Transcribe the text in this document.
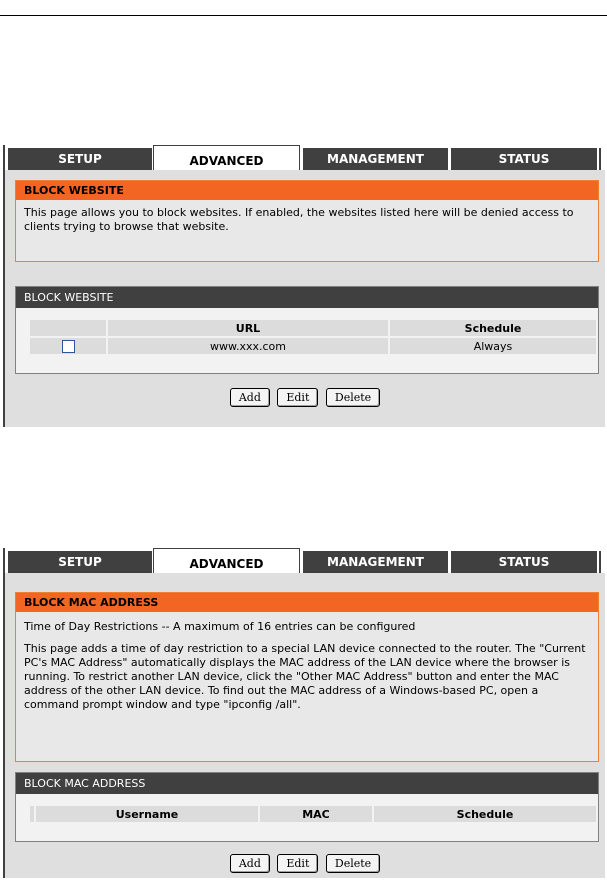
SETUP	ADVANCED	MANAGEMENT	STATUS
BLOCK WEBSITE

This page allows you to block websites. If enabled, the websites listed here will be denied access to clients trying to browse that website.

BLOCK WEBSITE
	URL	Schedule
	www.xxx.com	Always
Add Edit Delete
SETUP	ADVANCED	MANAGEMENT	STATUS
BLOCK MAC ADDRESS

Time of Day Restrictions -- A maximum of 16 entries can be configured

This page adds a time of day restriction to a special LAN device connected to the router. The "Current PC's MAC Address" automatically displays the MAC address of the LAN device where the browser is running. To restrict another LAN device, click the "Other MAC Address" button and enter the MAC address of the other LAN device. To find out the MAC address of a Windows-based PC, open a command prompt window and type "ipconfig /all".

BLOCK MAC ADDRESS
	Username	MAC	Schedule
Add Edit Delete
